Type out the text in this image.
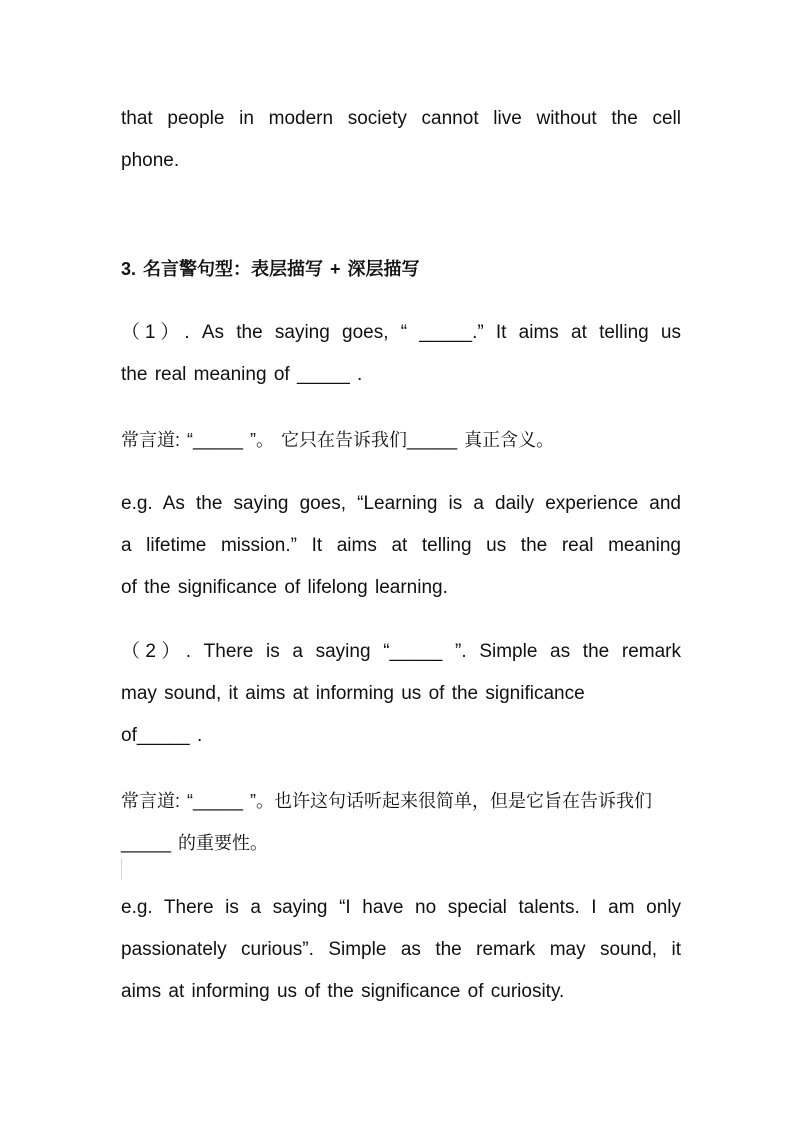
that people in modern society cannot live without the cell
phone.
3. 名言警句型：表层描写 + 深层描写
（1）. As the saying goes, “ _____.” It aims at telling us
the real meaning of _____ .
常言道: “_____ ”。 它只在告诉我们_____ 真正含义。
e.g. As the saying goes, “Learning is a daily experience and
a lifetime mission.” It aims at telling us the real meaning
of the significance of lifelong learning.
（2）. There is a saying “_____ ”. Simple as the remark
may sound, it aims at informing us of the significance
of_____ .
常言道: “_____ ”。也许这句话听起来很简单，但是它旨在告诉我们
_____ 的重要性。
e.g. There is a saying “I have no special talents. I am only
passionately curious”. Simple as the remark may sound, it
aims at informing us of the significance of curiosity.
